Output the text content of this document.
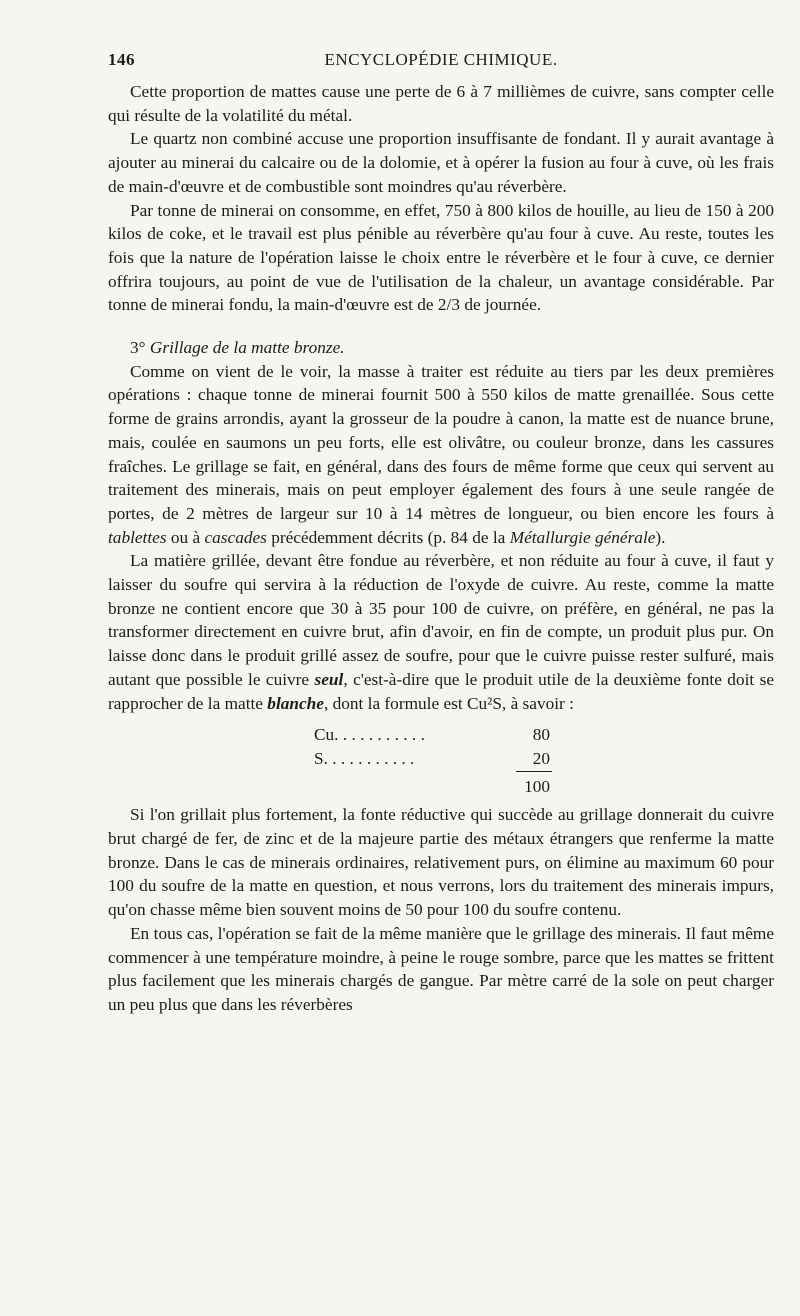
146	ENCYCLOPÉDIE CHIMIQUE.

Cette proportion de mattes cause une perte de 6 à 7 millièmes de cuivre, sans compter celle qui résulte de la volatilité du métal.

Le quartz non combiné accuse une proportion insuffisante de fondant. Il y aurait avantage à ajouter au minerai du calcaire ou de la dolomie, et à opérer la fusion au four à cuve, où les frais de main-d'œuvre et de combustible sont moindres qu'au réverbère.

Par tonne de minerai on consomme, en effet, 750 à 800 kilos de houille, au lieu de 150 à 200 kilos de coke, et le travail est plus pénible au réverbère qu'au four à cuve. Au reste, toutes les fois que la nature de l'opération laisse le choix entre le réverbère et le four à cuve, ce dernier offrira toujours, au point de vue de l'utilisation de la chaleur, un avantage considérable. Par tonne de minerai fondu, la main-d'œuvre est de 2/3 de journée.

3° Grillage de la matte bronze.

Comme on vient de le voir, la masse à traiter est réduite au tiers par les deux premières opérations : chaque tonne de minerai fournit 500 à 550 kilos de matte grenaillée. Sous cette forme de grains arrondis, ayant la grosseur de la poudre à canon, la matte est de nuance brune, mais, coulée en saumons un peu forts, elle est olivâtre, ou couleur bronze, dans les cassures fraîches. Le grillage se fait, en général, dans des fours de même forme que ceux qui servent au traitement des minerais, mais on peut employer également des fours à une seule rangée de portes, de 2 mètres de largeur sur 10 à 14 mètres de longueur, ou bien encore les fours à tablettes ou à cascades précédemment décrits (p. 84 de la Métallurgie générale).

La matière grillée, devant être fondue au réverbère, et non réduite au four à cuve, il faut y laisser du soufre qui servira à la réduction de l'oxyde de cuivre. Au reste, comme la matte bronze ne contient encore que 30 à 35 pour 100 de cuivre, on préfère, en général, ne pas la transformer directement en cuivre brut, afin d'avoir, en fin de compte, un produit plus pur. On laisse donc dans le produit grillé assez de soufre, pour que le cuivre puisse rester sulfuré, mais autant que possible le cuivre seul, c'est-à-dire que le produit utile de la deuxième fonte doit se rapprocher de la matte blanche, dont la formule est Cu²S, à savoir :

Cu. . . . . . . . . . .	80
S. . . . . . . . . . .	20
100

Si l'on grillait plus fortement, la fonte réductive qui succède au grillage donnerait du cuivre brut chargé de fer, de zinc et de la majeure partie des métaux étrangers que renferme la matte bronze. Dans le cas de minerais ordinaires, relativement purs, on élimine au maximum 60 pour 100 du soufre de la matte en question, et nous verrons, lors du traitement des minerais impurs, qu'on chasse même bien souvent moins de 50 pour 100 du soufre contenu.

En tous cas, l'opération se fait de la même manière que le grillage des minerais. Il faut même commencer à une température moindre, à peine le rouge sombre, parce que les mattes se frittent plus facilement que les minerais chargés de gangue. Par mètre carré de la sole on peut charger un peu plus que dans les réverbères
